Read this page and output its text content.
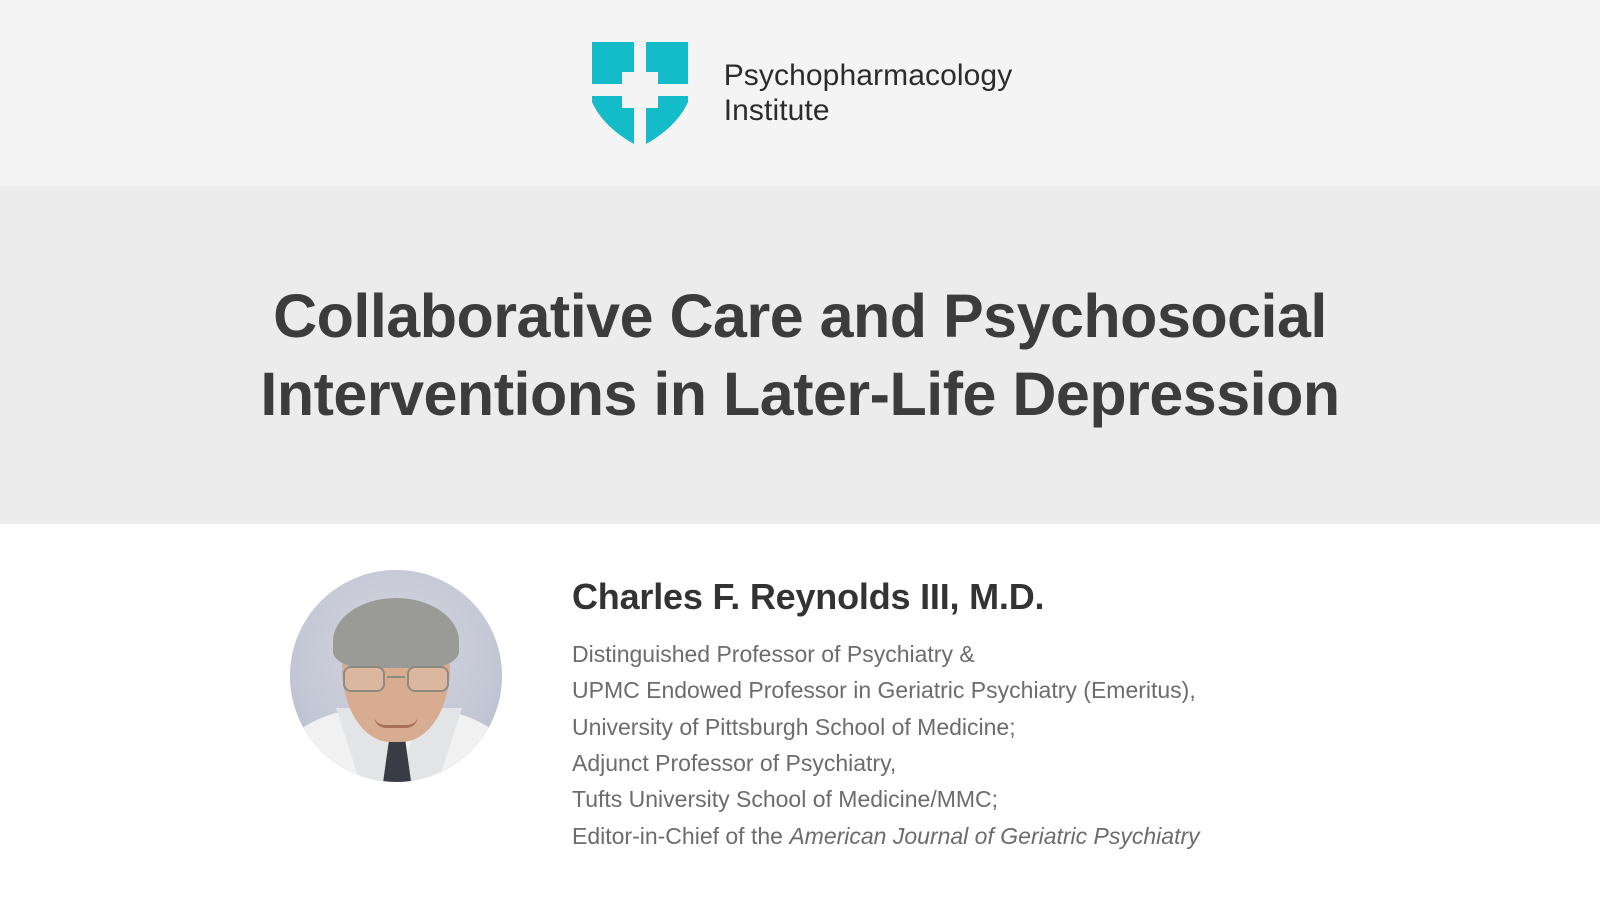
Psychopharmacology
Institute
Collaborative Care and Psychosocial
Interventions in Later-Life Depression
Charles F. Reynolds III, M.D.
Distinguished Professor of Psychiatry &
UPMC Endowed Professor in Geriatric Psychiatry (Emeritus),
University of Pittsburgh School of Medicine;
Adjunct Professor of Psychiatry,
Tufts University School of Medicine/MMC;
Editor-in-Chief of the American Journal of Geriatric Psychiatry
